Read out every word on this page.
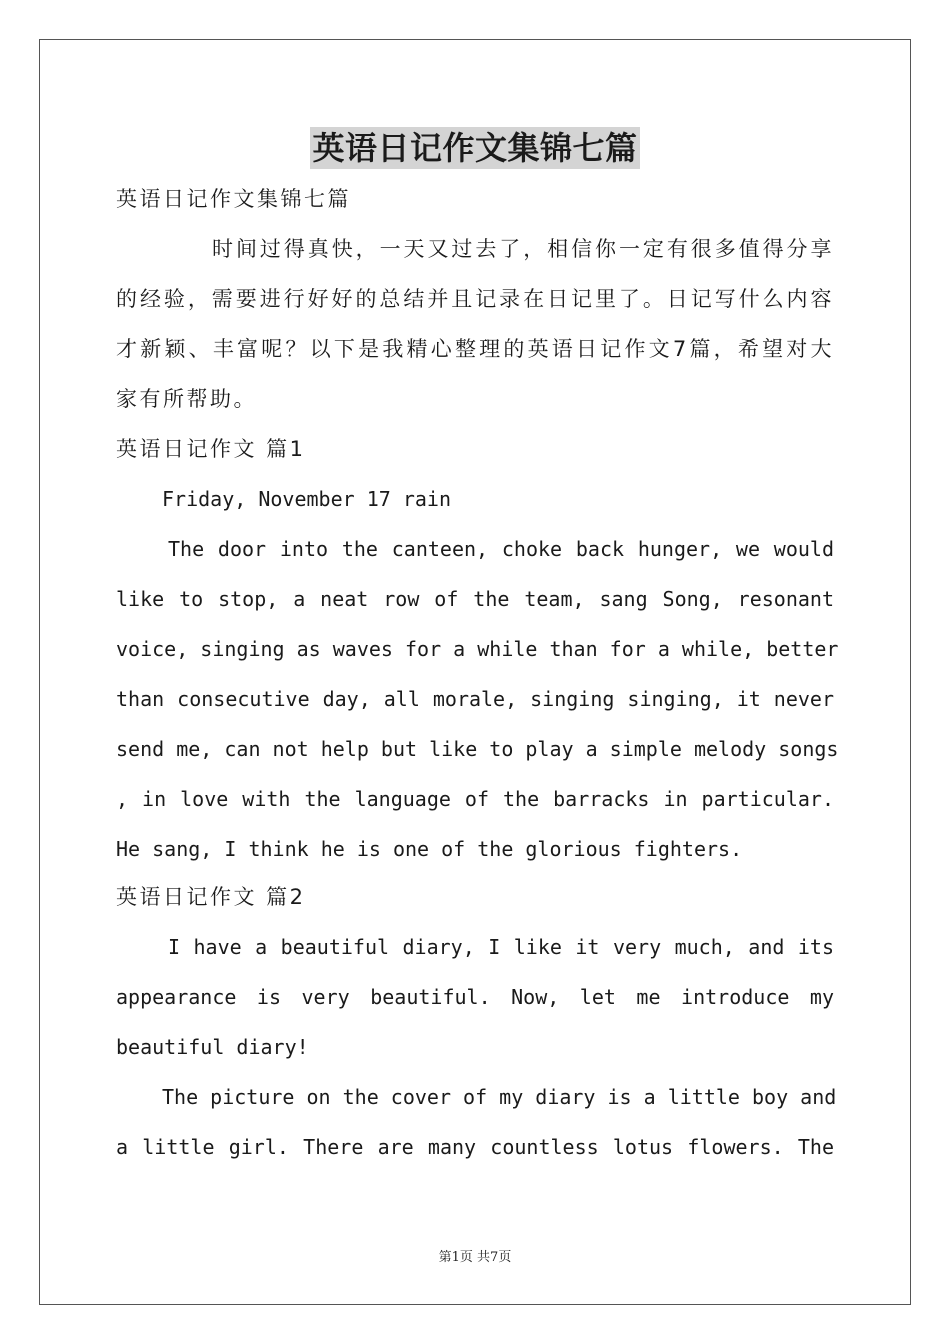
英语日记作文集锦七篇
英语日记作文集锦七篇
时间过得真快，一天又过去了，相信你一定有很多值得分享
的经验，需要进行好好的总结并且记录在日记里了。日记写什么内容
才新颖、丰富呢？以下是我精心整理的英语日记作文7篇，希望对大
家有所帮助。
英语日记作文 篇1
Friday, November 17 rain
The door into the canteen, choke back hunger, we would
like to stop, a neat row of the team, sang Song, resonant
voice, singing as waves for a while than for a while, better
than consecutive day, all morale, singing singing, it never
send me, can not help but like to play a simple melody songs
, in love with the language of the barracks in particular.
He sang, I think he is one of the glorious fighters.
英语日记作文 篇2
I have a beautiful diary, I like it very much, and its
appearance is very beautiful. Now, let me introduce my
beautiful diary!
The picture on the cover of my diary is a little boy and
a little girl. There are many countless lotus flowers. The
第1页 共7页
